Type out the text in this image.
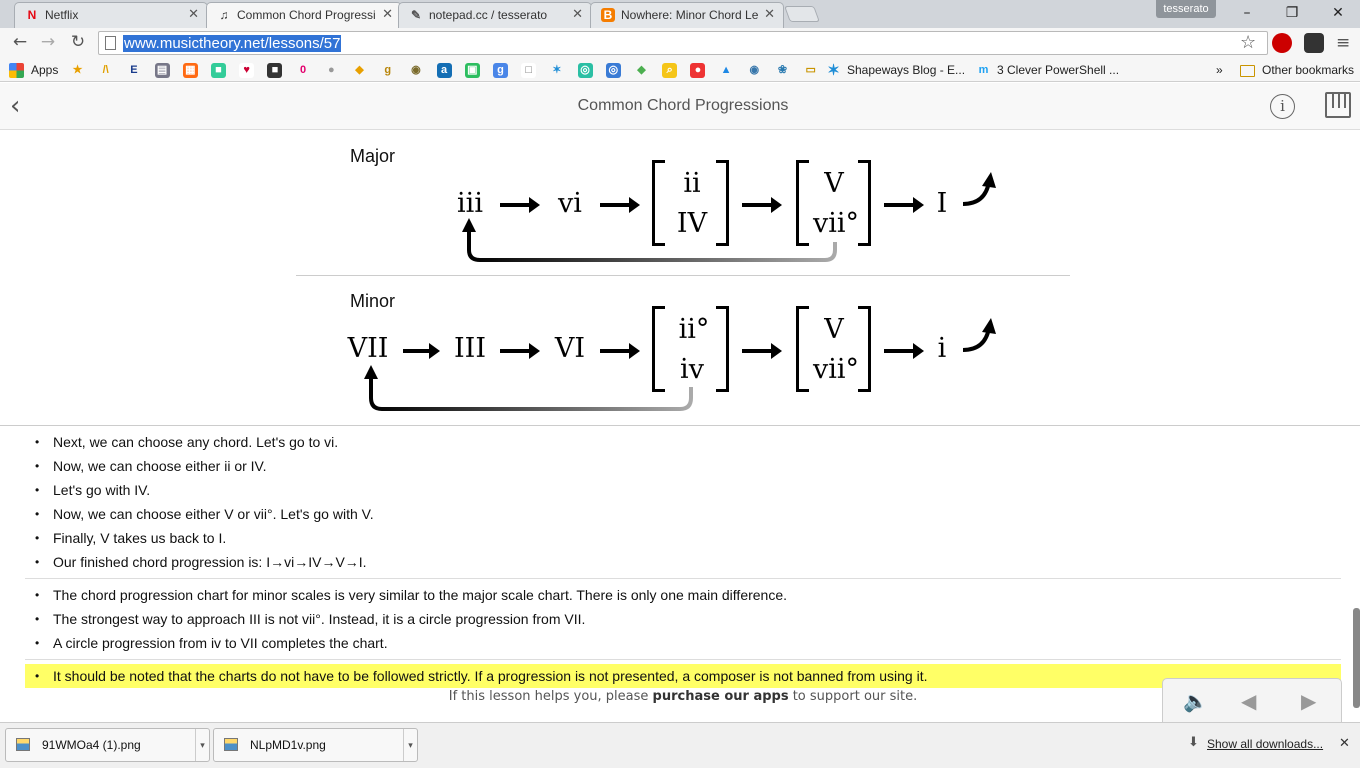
N Netflix	✕ ♫ Common Chord Progressi ✕ ✎ notepad.cc / tesserato	✕ B Nowhere: Minor Chord Le ✕	tesserato	–	❐	✕
← → ↻	www.musictheory.net/lessons/57	☆	≡
Apps ★	/\	E	▤ ▦	■	♥	■	0	●	◆	g	◉	a	▣	g	□	✶ ◎ ◎ ◆	⌕	●	▲ ◉ ❀ ▭ ✶ Shapeways Blog - E... m 3 Clever PowerShell ...	»	Other bookmarks
‹	Common Chord Progressions	i
Major
iii	vi
ii
IV
V
vii°
I
Minor
VII III	VI
ii°
iv
V
vii°
i
• Next, we can choose any chord. Let's go to vi.
• Now, we can choose either ii or IV.
• Let's go with IV.
• Now, we can choose either V or vii°. Let's go with V.
• Finally, V takes us back to I.
• Our finished chord progression is: I→vi→IV→V→I.
• The chord progression chart for minor scales is very similar to the major scale chart. There is only one main difference.
• The strongest way to approach III is not vii°. Instead, it is a circle progression from VII.
• A circle progression from iv to VII completes the chart.
• It should be noted that the charts do not have to be followed strictly. If a progression is not presented, a composer is not banned from using it.
If this lesson helps you, please purchase our apps to support our site.	🔈 ◀ ▶
91WMOa4 (1).png	▾	NLpMD1v.png	▾	⬇ Show all downloads... ✕
